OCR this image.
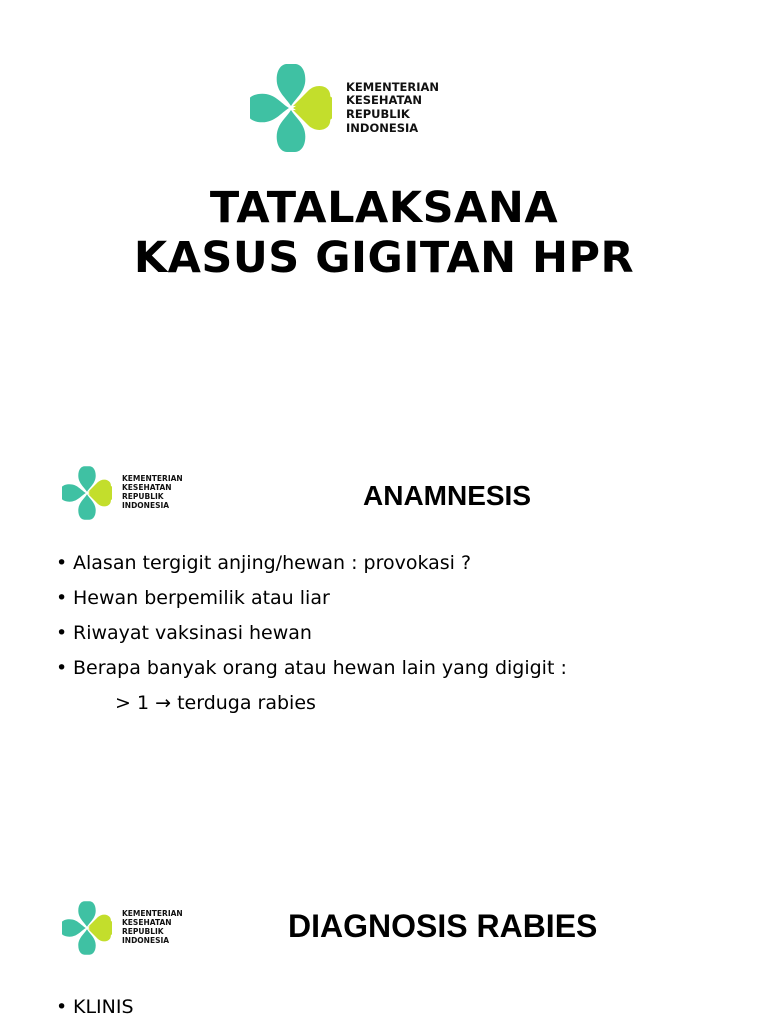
KEMENTERIAN
KESEHATAN
REPUBLIK
INDONESIA
TATALAKSANA
KASUS GIGITAN HPR
KEMENTERIAN
KESEHATAN
REPUBLIK
INDONESIA	ANAMNESIS
• Alasan tergigit anjing/hewan : provokasi ?
• Hewan berpemilik atau liar
• Riwayat vaksinasi hewan
• Berapa banyak orang atau hewan lain yang digigit :
> 1 → terduga rabies
KEMENTERIAN
KESEHATAN
REPUBLIK
INDONESIA	DIAGNOSIS RABIES
• KLINIS
